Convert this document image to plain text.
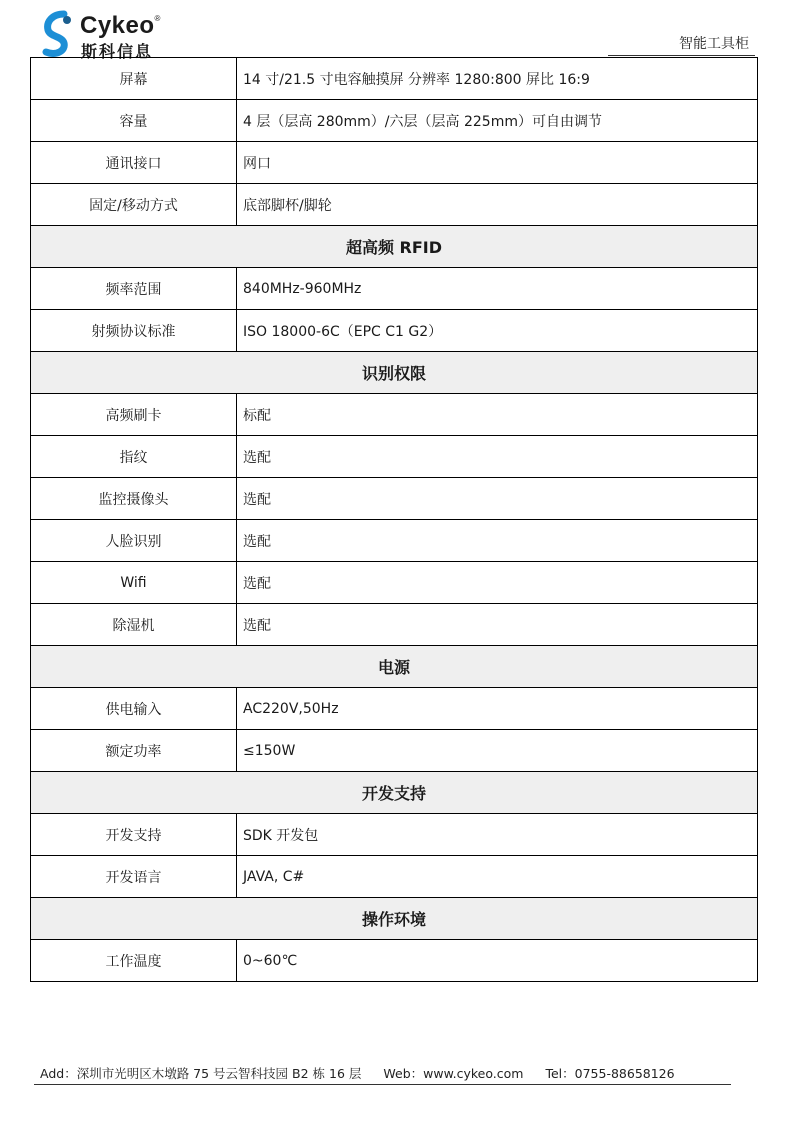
Cykeo®
斯科信息	智能工具柜
屏幕	14 寸/21.5 寸电容触摸屏 分辨率 1280:800 屏比 16:9
容量	4 层（层高 280mm）/六层（层高 225mm）可自由调节
通讯接口	网口
固定/移动方式	底部脚杯/脚轮
超高频 RFID	
频率范围	840MHz-960MHz
射频协议标准	ISO 18000-6C（EPC C1 G2）
识别权限	
高频刷卡	标配
指纹	选配
监控摄像头	选配
人脸识别	选配
Wifi	选配
除湿机	选配
电源	
供电输入	AC220V,50Hz
额定功率	≤150W
开发支持	
开发支持	SDK 开发包
开发语言	JAVA, C#
操作环境	
工作温度	0~60℃
Add：深圳市光明区木墩路 75 号云智科技园 B2 栋 16 层 Web：www.cykeo.com Tel：0755-88658126
